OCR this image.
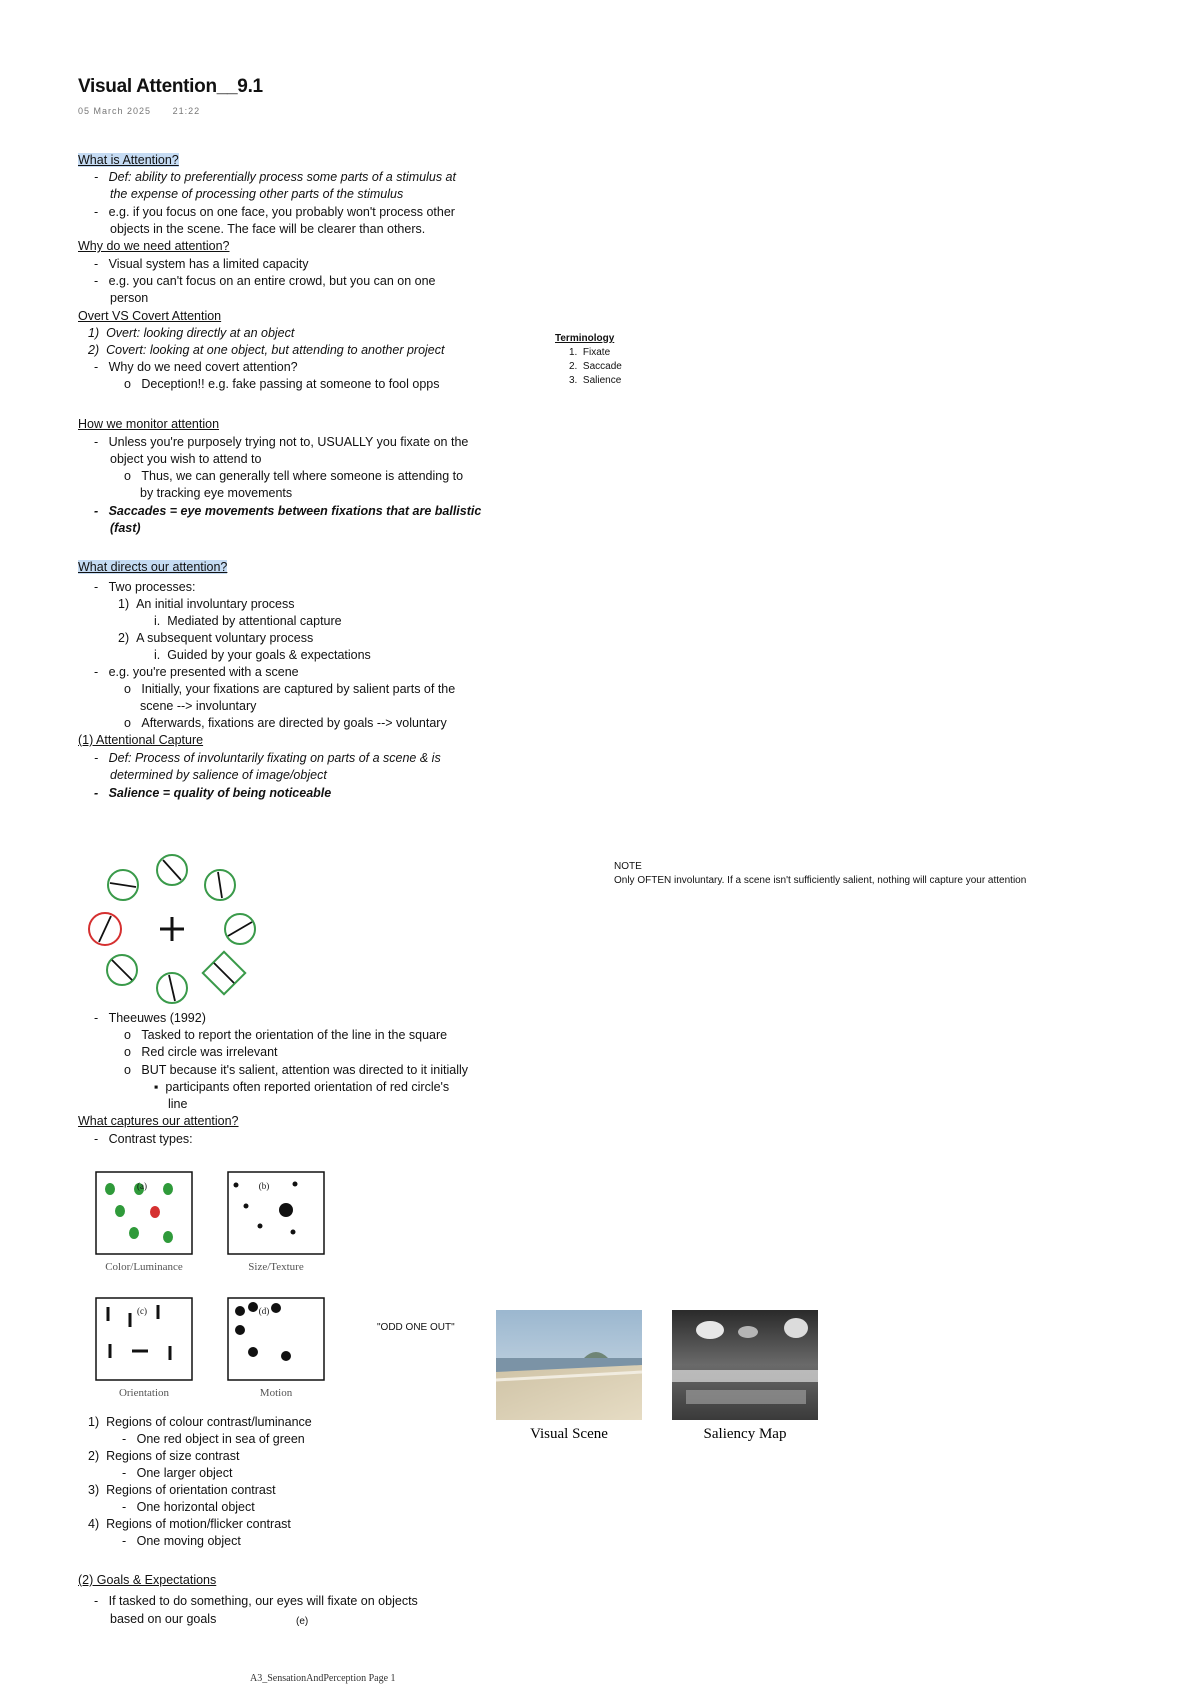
Visual Attention__9.1
05 March 2025 21:22
What is Attention?
-   Def: ability to preferentially process some parts of a stimulus at
the expense of processing other parts of the stimulus
-   e.g. if you focus on one face, you probably won't process other
objects in the scene. The face will be clearer than others.
Why do we need attention?
-   Visual system has a limited capacity
-   e.g. you can't focus on an entire crowd, but you can on one
person
Overt VS Covert Attention
1)  Overt: looking directly at an object
2)  Covert: looking at one object, but attending to another project
-   Why do we need covert attention?
o   Deception!! e.g. fake passing at someone to fool opps
How we monitor attention
-   Unless you're purposely trying not to, USUALLY you fixate on the
object you wish to attend to
o   Thus, we can generally tell where someone is attending to
by tracking eye movements
-   Saccades = eye movements between fixations that are ballistic
(fast)
What directs our attention?
-   Two processes:
1)  An initial involuntary process
i.  Mediated by attentional capture
2)  A subsequent voluntary process
i.  Guided by your goals & expectations
-   e.g. you're presented with a scene
o   Initially, your fixations are captured by salient parts of the
scene --> involuntary
o   Afterwards, fixations are directed by goals --> voluntary
(1) Attentional Capture
-   Def: Process of involuntarily fixating on parts of a scene & is
determined by salience of image/object
-   Salience = quality of being noticeable
-   Theeuwes (1992)
o   Tasked to report the orientation of the line in the square
o   Red circle was irrelevant
o   BUT because it's salient, attention was directed to it initially
▪  participants often reported orientation of red circle's
line
What captures our attention?
-   Contrast types:
1)  Regions of colour contrast/luminance
-   One red object in sea of green
2)  Regions of size contrast
-   One larger object
3)  Regions of orientation contrast
-   One horizontal object
4)  Regions of motion/flicker contrast
-   One moving object
(2) Goals & Expectations
-   If tasked to do something, our eyes will fixate on objects
based on our goals	(e)
Terminology
1.  Fixate
2.  Saccade
3.  Salience
NOTE
Only OFTEN involuntary. If a scene isn't sufficiently salient, nothing will capture your attention
Color/Luminance	Size/Texture
Orientation	Motion
(a)	(b)
(c)	(d)
"ODD ONE OUT"
Visual Scene	Saliency Map
A3_SensationAndPerception Page 1
